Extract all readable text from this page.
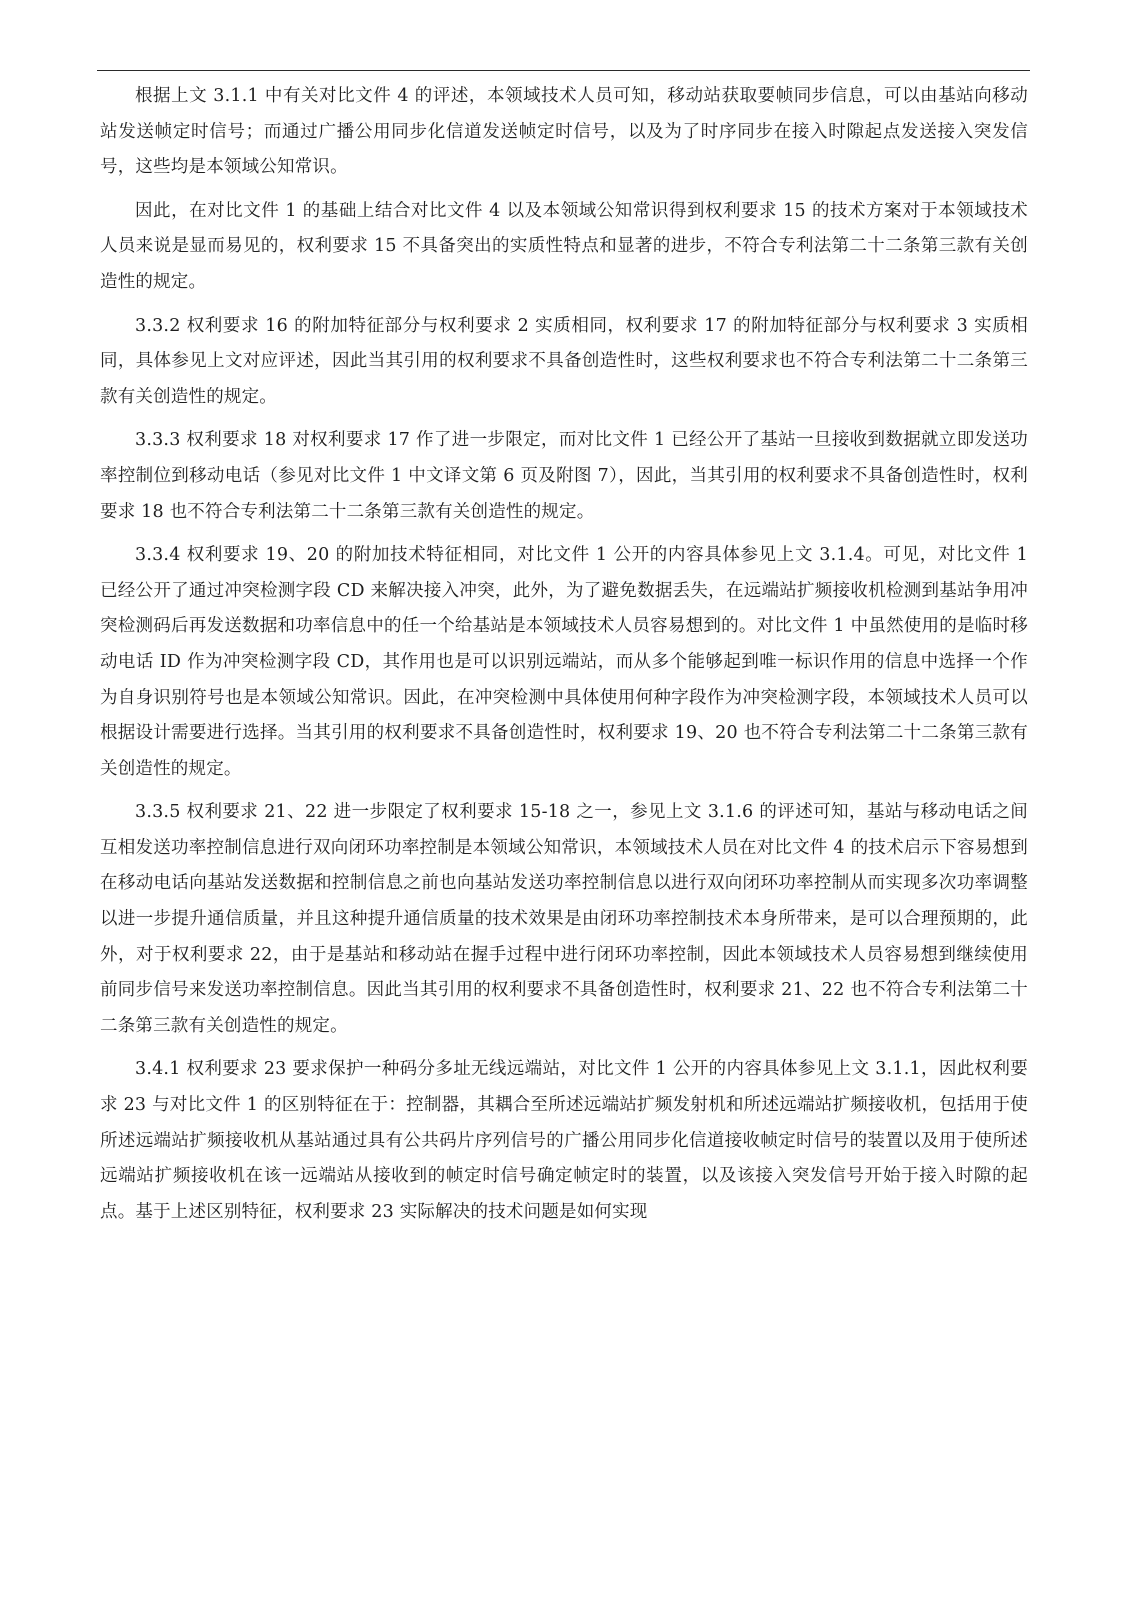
根据上文 3.1.1 中有关对比文件 4 的评述，本领域技术人员可知，移动站获取要帧同步信息，可以由基站向移动站发送帧定时信号；而通过广播公用同步化信道发送帧定时信号，以及为了时序同步在接入时隙起点发送接入突发信号，这些均是本领域公知常识。

因此，在对比文件 1 的基础上结合对比文件 4 以及本领域公知常识得到权利要求 15 的技术方案对于本领域技术人员来说是显而易见的，权利要求 15 不具备突出的实质性特点和显著的进步，不符合专利法第二十二条第三款有关创造性的规定。

3.3.2 权利要求 16 的附加特征部分与权利要求 2 实质相同，权利要求 17 的附加特征部分与权利要求 3 实质相同，具体参见上文对应评述，因此当其引用的权利要求不具备创造性时，这些权利要求也不符合专利法第二十二条第三款有关创造性的规定。

3.3.3 权利要求 18 对权利要求 17 作了进一步限定，而对比文件 1 已经公开了基站一旦接收到数据就立即发送功率控制位到移动电话（参见对比文件 1 中文译文第 6 页及附图 7），因此，当其引用的权利要求不具备创造性时，权利要求 18 也不符合专利法第二十二条第三款有关创造性的规定。

3.3.4 权利要求 19、20 的附加技术特征相同，对比文件 1 公开的内容具体参见上文 3.1.4。可见，对比文件 1 已经公开了通过冲突检测字段 CD 来解决接入冲突，此外，为了避免数据丢失，在远端站扩频接收机检测到基站争用冲突检测码后再发送数据和功率信息中的任一个给基站是本领域技术人员容易想到的。对比文件 1 中虽然使用的是临时移动电话 ID 作为冲突检测字段 CD，其作用也是可以识别远端站，而从多个能够起到唯一标识作用的信息中选择一个作为自身识别符号也是本领域公知常识。因此，在冲突检测中具体使用何种字段作为冲突检测字段，本领域技术人员可以根据设计需要进行选择。当其引用的权利要求不具备创造性时，权利要求 19、20 也不符合专利法第二十二条第三款有关创造性的规定。

3.3.5 权利要求 21、22 进一步限定了权利要求 15-18 之一，参见上文 3.1.6 的评述可知，基站与移动电话之间互相发送功率控制信息进行双向闭环功率控制是本领域公知常识，本领域技术人员在对比文件 4 的技术启示下容易想到在移动电话向基站发送数据和控制信息之前也向基站发送功率控制信息以进行双向闭环功率控制从而实现多次功率调整以进一步提升通信质量，并且这种提升通信质量的技术效果是由闭环功率控制技术本身所带来，是可以合理预期的，此外，对于权利要求 22，由于是基站和移动站在握手过程中进行闭环功率控制，因此本领域技术人员容易想到继续使用前同步信号来发送功率控制信息。因此当其引用的权利要求不具备创造性时，权利要求 21、22 也不符合专利法第二十二条第三款有关创造性的规定。

3.4.1 权利要求 23 要求保护一种码分多址无线远端站，对比文件 1 公开的内容具体参见上文 3.1.1，因此权利要求 23 与对比文件 1 的区别特征在于：控制器，其耦合至所述远端站扩频发射机和所述远端站扩频接收机，包括用于使所述远端站扩频接收机从基站通过具有公共码片序列信号的广播公用同步化信道接收帧定时信号的装置以及用于使所述远端站扩频接收机在该一远端站从接收到的帧定时信号确定帧定时的装置，以及该接入突发信号开始于接入时隙的起点。基于上述区别特征，权利要求 23 实际解决的技术问题是如何实现
